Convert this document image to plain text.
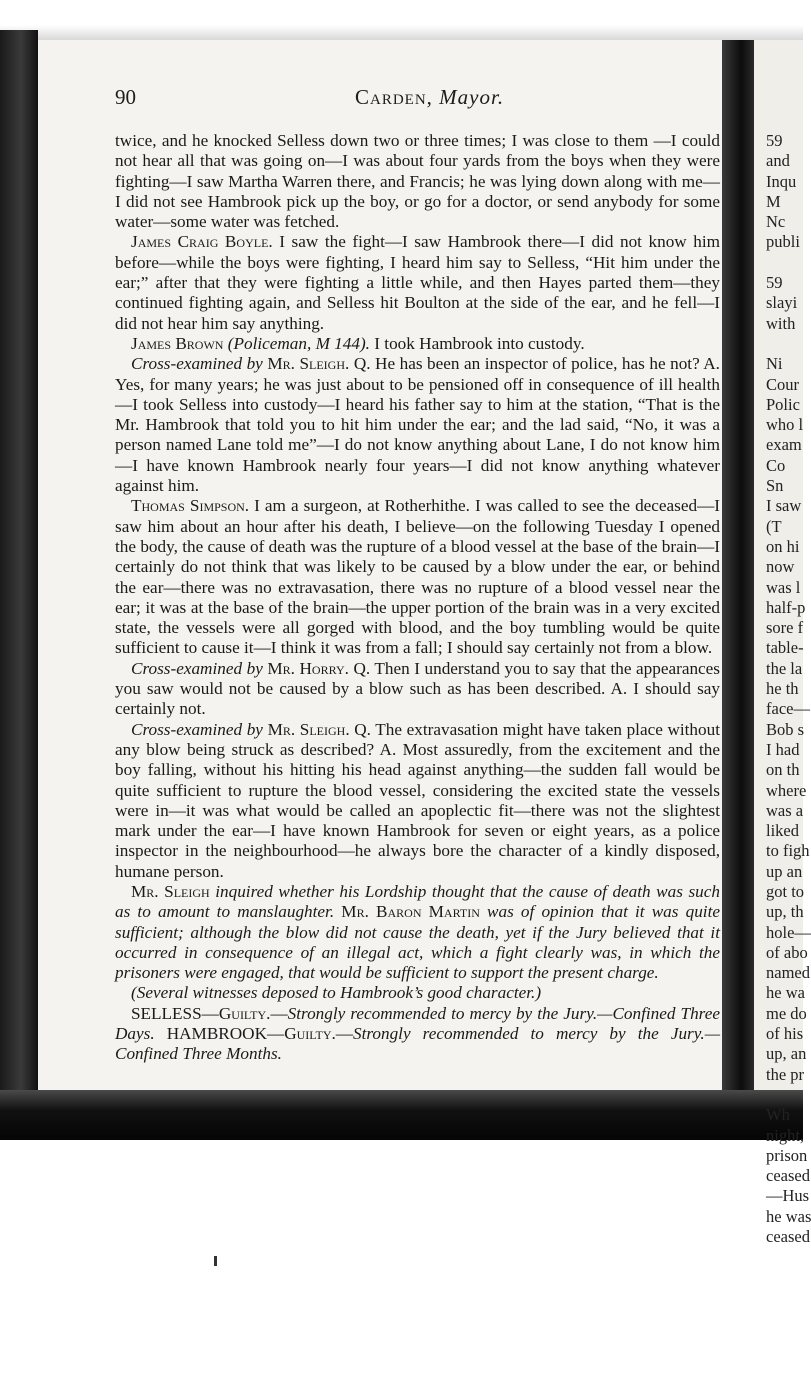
90	Carden, Mayor.

twice, and he knocked Selless down two or three times; I was close to them —I could not hear all that was going on—I was about four yards from the boys when they were fighting—I saw Martha Warren there, and Francis; he was lying down along with me—I did not see Hambrook pick up the boy, or go for a doctor, or send anybody for some water—some water was fetched.

James Craig Boyle. I saw the fight—I saw Hambrook there—I did not know him before—while the boys were fighting, I heard him say to Selless, “Hit him under the ear;” after that they were fighting a little while, and then Hayes parted them—they continued fighting again, and Selless hit Boulton at the side of the ear, and he fell—I did not hear him say anything.

James Brown (Policeman, M 144). I took Hambrook into custody.

Cross-examined by Mr. Sleigh. Q. He has been an inspector of police, has he not? A. Yes, for many years; he was just about to be pensioned off in consequence of ill health—I took Selless into custody—I heard his father say to him at the station, “That is the Mr. Hambrook that told you to hit him under the ear; and the lad said, “No, it was a person named Lane told me”—I do not know anything about Lane, I do not know him—I have known Hambrook nearly four years—I did not know anything whatever against him.

Thomas Simpson. I am a surgeon, at Rotherhithe. I was called to see the deceased—I saw him about an hour after his death, I believe—on the following Tuesday I opened the body, the cause of death was the rupture of a blood vessel at the base of the brain—I certainly do not think that was likely to be caused by a blow under the ear, or behind the ear—there was no extravasation, there was no rupture of a blood vessel near the ear; it was at the base of the brain—the upper portion of the brain was in a very excited state, the vessels were all gorged with blood, and the boy tumbling would be quite sufficient to cause it—I think it was from a fall; I should say certainly not from a blow.

Cross-examined by Mr. Horry. Q. Then I understand you to say that the appearances you saw would not be caused by a blow such as has been described. A. I should say certainly not.

Cross-examined by Mr. Sleigh. Q. The extravasation might have taken place without any blow being struck as described? A. Most assuredly, from the excitement and the boy falling, without his hitting his head against anything—the sudden fall would be quite sufficient to rupture the blood vessel, considering the excited state the vessels were in—it was what would be called an apoplectic fit—there was not the slightest mark under the ear—I have known Hambrook for seven or eight years, as a police inspector in the neighbourhood—he always bore the character of a kindly disposed, humane person.

Mr. Sleigh inquired whether his Lordship thought that the cause of death was such as to amount to manslaughter. Mr. Baron Martin was of opinion that it was quite sufficient; although the blow did not cause the death, yet if the Jury believed that it occurred in consequence of an illegal act, which a fight clearly was, in which the prisoners were engaged, that would be sufficient to support the present charge.

(Several witnesses deposed to Hambrook’s good character.)

SELLESS—Guilty.—Strongly recommended to mercy by the Jury.—Confined Three Days. HAMBROOK—Guilty.—Strongly recommended to mercy by the Jury.—Confined Three Months.

59
and
Inqu
M
Nc
publi
59
slayi
with
Ni
Cour
Polic
who l
exam
Co
Sn
I saw
(T
on hi
now
was l
half-p
sore f
table-
the la
he th
face—
Bob s
I had
on th
where
was a
liked
to figh
up an
got to
up, th
hole—
of abo
named
he wa
me do
of his
up, an
the pr
Wh
night,
prison
ceased
—Hus
he was
ceased
